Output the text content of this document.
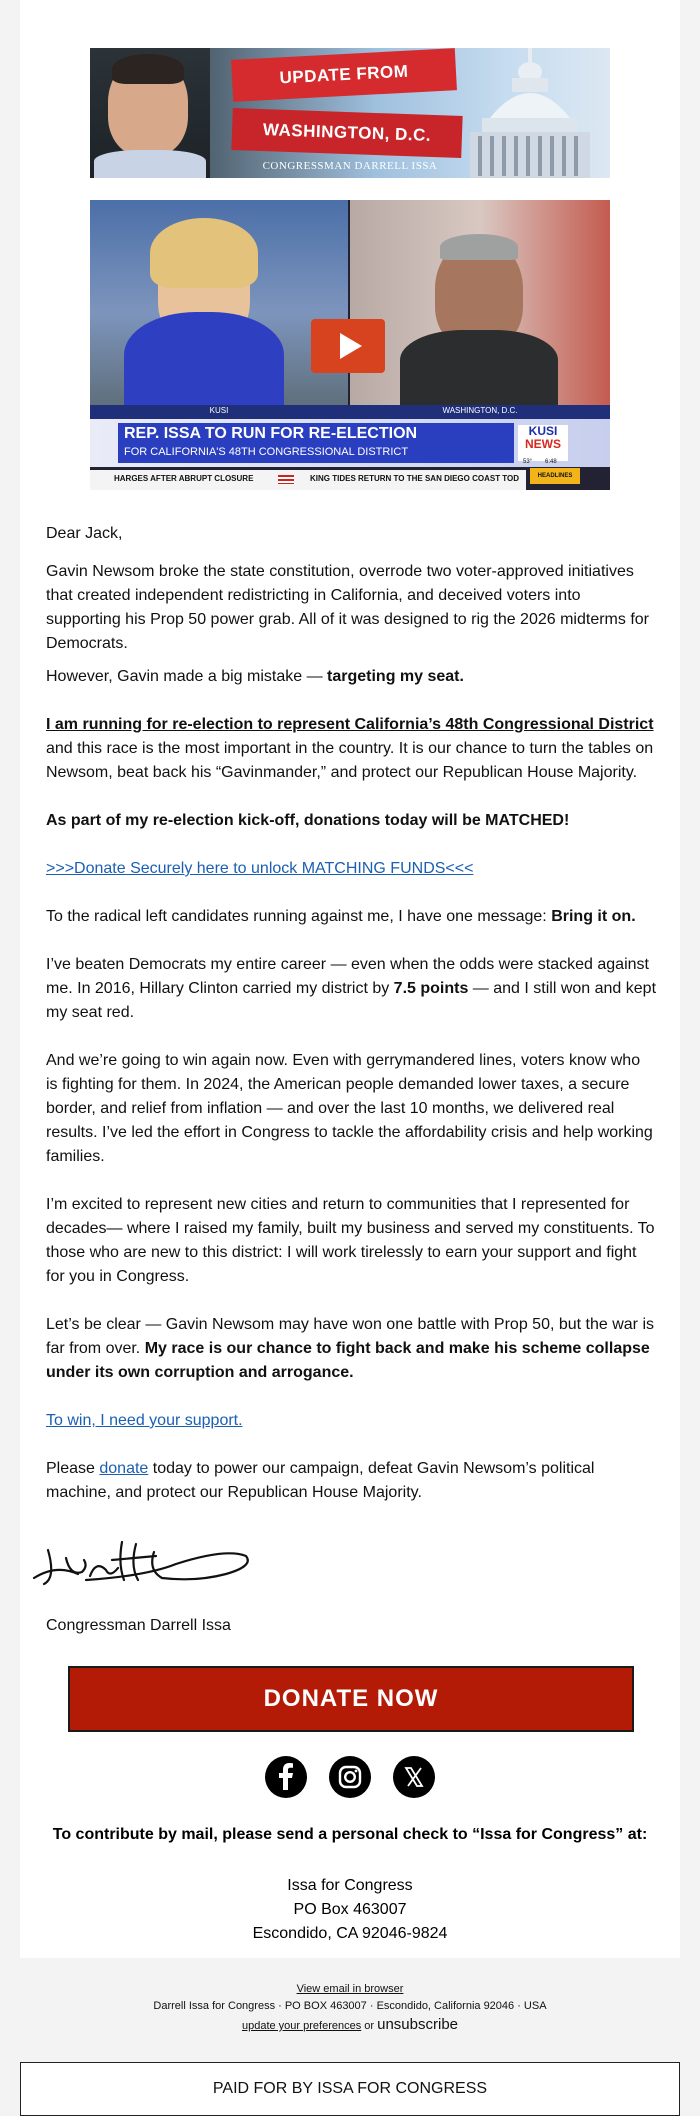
UPDATE FROM
WASHINGTON, D.C.
CONGRESSMAN DARRELL ISSA
KUSI	WASHINGTON, D.C.
REP. ISSA TO RUN FOR RE-ELECTION
FOR CALIFORNIA'S 48TH CONGRESSIONAL DISTRICT
KUSI
NEWS
53° 6:48
HEADLINES
HARGES AFTER ABRUPT CLOSURE	KING TIDES RETURN TO THE SAN DIEGO COAST TOD

Dear Jack,

Gavin Newsom broke the state constitution, overrode two voter-approved initiatives that created independent redistricting in California, and deceived voters into supporting his Prop 50 power grab. All of it was designed to rig the 2026 midterms for Democrats.

However, Gavin made a big mistake — targeting my seat.

I am running for re-election to represent California’s 48th Congressional District and this race is the most important in the country. It is our chance to turn the tables on Newsom, beat back his “Gavinmander,” and protect our Republican House Majority.

As part of my re-election kick-off, donations today will be MATCHED!

>>>Donate Securely here to unlock MATCHING FUNDS<<<

To the radical left candidates running against me, I have one message: Bring it on.

I’ve beaten Democrats my entire career — even when the odds were stacked against me. In 2016, Hillary Clinton carried my district by 7.5 points — and I still won and kept my seat red.

And we’re going to win again now. Even with gerrymandered lines, voters know who is fighting for them. In 2024, the American people demanded lower taxes, a secure border, and relief from inflation — and over the last 10 months, we delivered real results. I’ve led the effort in Congress to tackle the affordability crisis and help working families.

I’m excited to represent new cities and return to communities that I represented for decades— where I raised my family, built my business and served my constituents. To those who are new to this district: I will work tirelessly to earn your support and fight for you in Congress.

Let’s be clear — Gavin Newsom may have won one battle with Prop 50, but the war is far from over. My race is our chance to fight back and make his scheme collapse under its own corruption and arrogance.

To win, I need your support.

Please donate today to power our campaign, defeat Gavin Newsom’s political machine, and protect our Republican House Majority.

Congressman Darrell Issa

DONATE NOW
To contribute by mail, please send a personal check to “Issa for Congress” at:
Issa for Congress
PO Box 463007
Escondido, CA 92046-9824
View email in browser
Darrell Issa for Congress · PO BOX 463007 · Escondido, California 92046 · USA
update your preferences or unsubscribe
PAID FOR BY ISSA FOR CONGRESS
